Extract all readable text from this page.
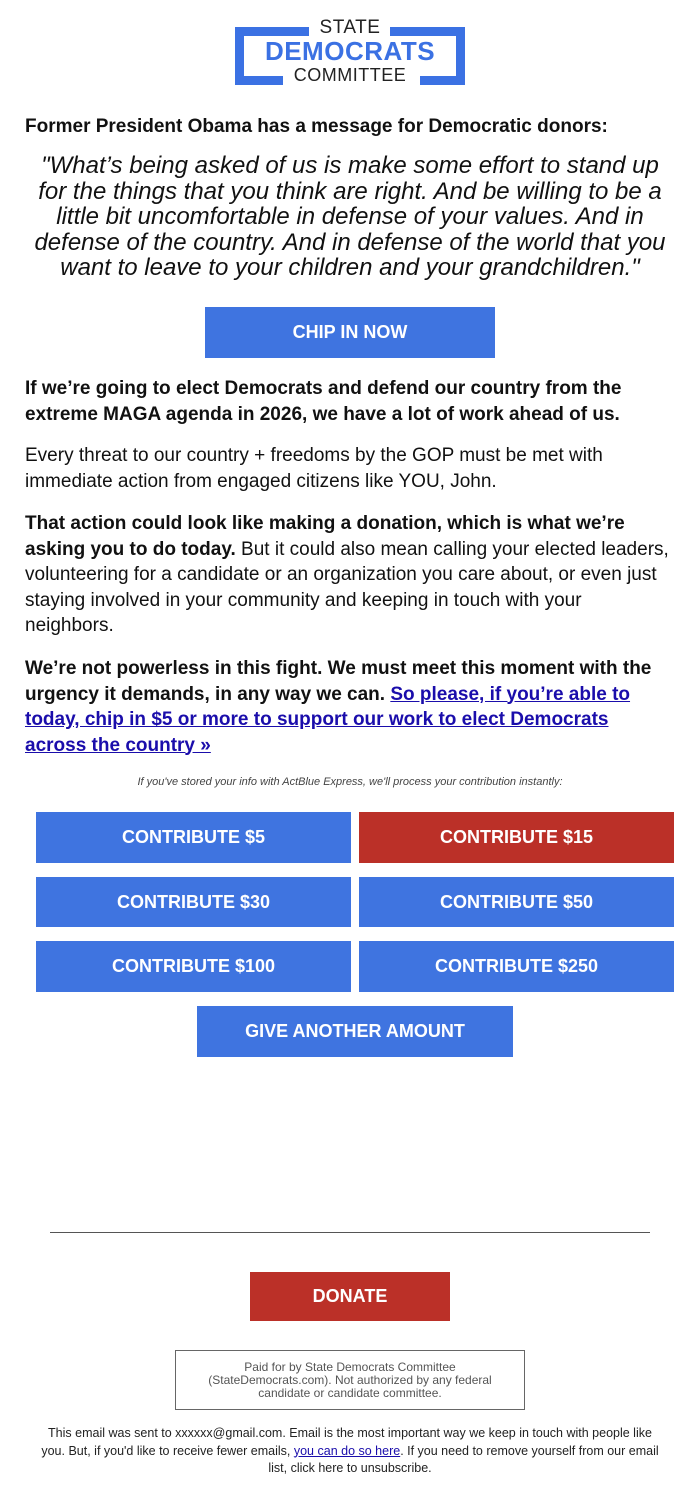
STATE
DEMOCRATS
COMMITTEE
Former President Obama has a message for Democratic donors:
"What’s being asked of us is make some effort to stand up for the things that you think are right. And be willing to be a little bit uncomfortable in defense of your values. And in defense of the country. And in defense of the world that you want to leave to your children and your grandchildren."
CHIP IN NOW
If we’re going to elect Democrats and defend our country from the extreme MAGA agenda in 2026, we have a lot of work ahead of us.
Every threat to our country + freedoms by the GOP must be met with immediate action from engaged citizens like YOU, John.
That action could look like making a donation, which is what we’re asking you to do today. But it could also mean calling your elected leaders, volunteering for a candidate or an organization you care about, or even just staying involved in your community and keeping in touch with your neighbors.
We’re not powerless in this fight. We must meet this moment with the urgency it demands, in any way we can. So please, if you’re able to today, chip in $5 or more to support our work to elect Democrats across the country »
If you've stored your info with ActBlue Express, we'll process your contribution instantly:
CONTRIBUTE $5	CONTRIBUTE $15
CONTRIBUTE $30	CONTRIBUTE $50
CONTRIBUTE $100	CONTRIBUTE $250
GIVE ANOTHER AMOUNT
DONATE
Paid for by State Democrats Committee (StateDemocrats.com). Not authorized by any federal candidate or candidate committee.
This email was sent to xxxxxx@gmail.com. Email is the most important way we keep in touch with people like you. But, if you'd like to receive fewer emails, you can do so here. If you need to remove yourself from our email list, click here to unsubscribe.
